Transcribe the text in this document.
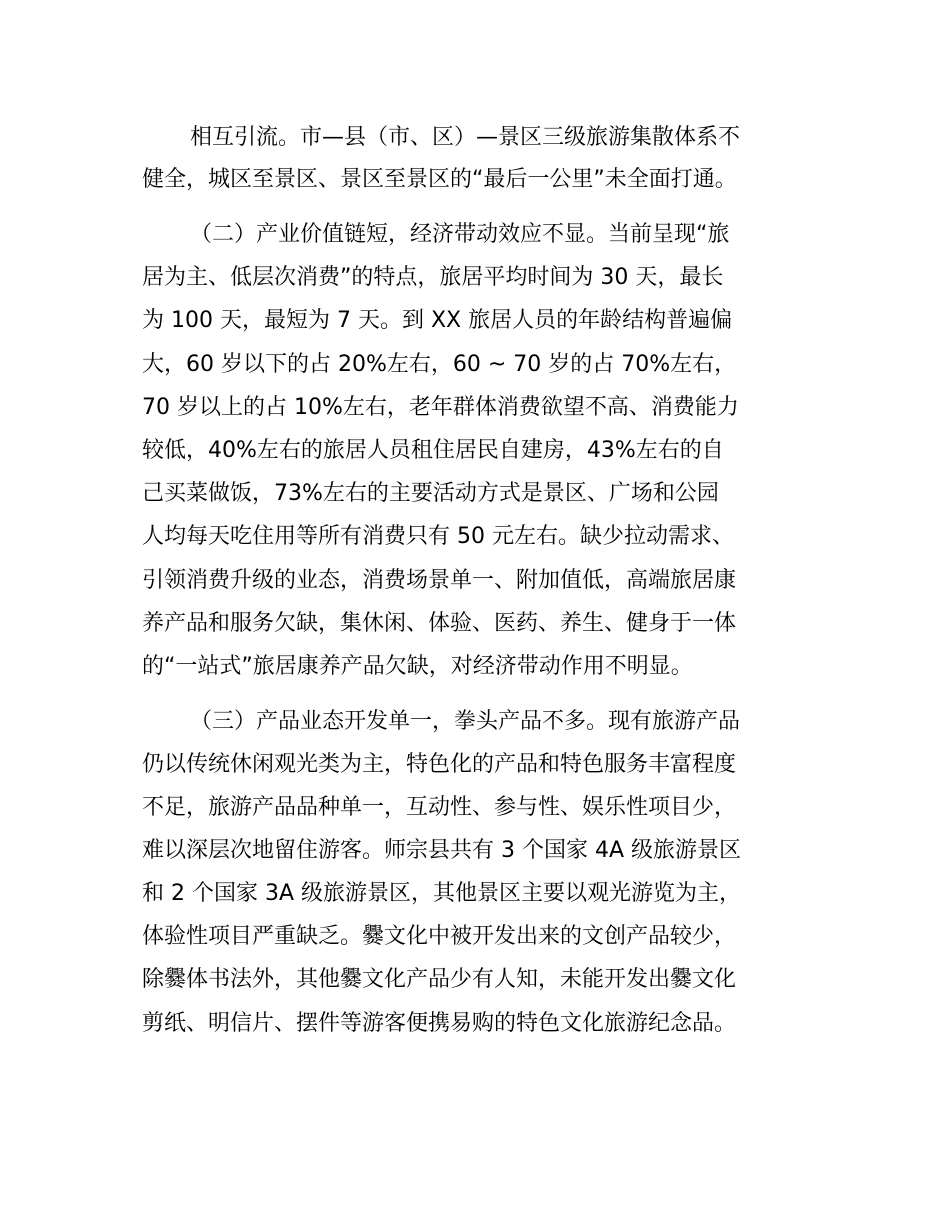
相互引流。市—县（市、区）—景区三级旅游集散体系不
健全，城区至景区、景区至景区的“最后一公里”未全面打通。
（二）产业价值链短，经济带动效应不显。当前呈现“旅
居为主、低层次消费”的特点，旅居平均时间为 30 天，最长
为 100 天，最短为 7 天。到 XX 旅居人员的年龄结构普遍偏
大，60 岁以下的占 20%左右，60 ~ 70 岁的占 70%左右，
70 岁以上的占 10%左右，老年群体消费欲望不高、消费能力
较低，40%左右的旅居人员租住居民自建房，43%左右的自
己买菜做饭，73%左右的主要活动方式是景区、广场和公园
人均每天吃住用等所有消费只有 50 元左右。缺少拉动需求、
引领消费升级的业态，消费场景单一、附加值低，高端旅居康
养产品和服务欠缺，集休闲、体验、医药、养生、健身于一体
的“一站式”旅居康养产品欠缺，对经济带动作用不明显。
（三）产品业态开发单一，拳头产品不多。现有旅游产品
仍以传统休闲观光类为主，特色化的产品和特色服务丰富程度
不足，旅游产品品种单一，互动性、参与性、娱乐性项目少，
难以深层次地留住游客。师宗县共有 3 个国家 4A 级旅游景区
和 2 个国家 3A 级旅游景区，其他景区主要以观光游览为主，
体验性项目严重缺乏。爨文化中被开发出来的文创产品较少，
除爨体书法外，其他爨文化产品少有人知，未能开发出爨文化
剪纸、明信片、摆件等游客便携易购的特色文化旅游纪念品。
